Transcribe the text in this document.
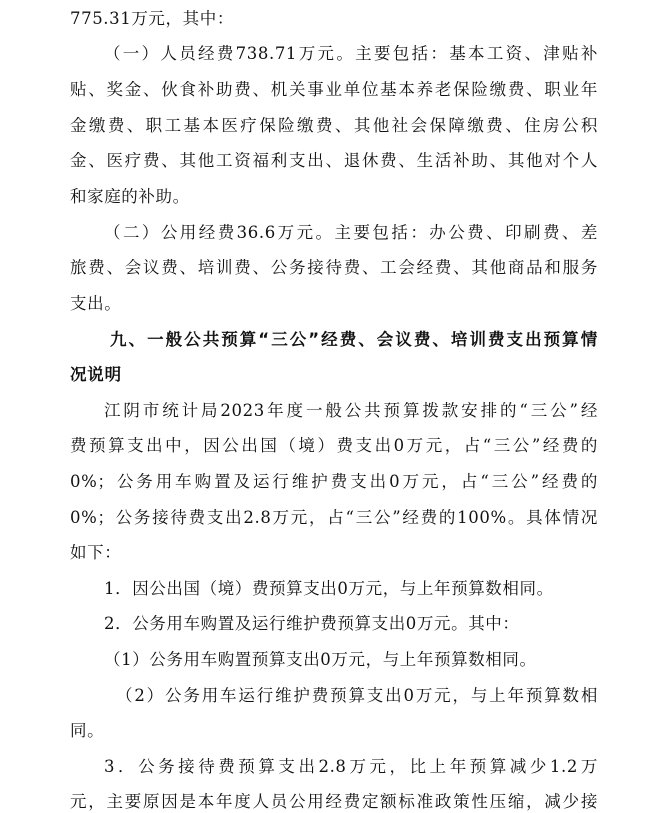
775.31万元，其中：
（一）人员经费738.71万元。主要包括：基本工资、津贴补
贴、奖金、伙食补助费、机关事业单位基本养老保险缴费、职业年
金缴费、职工基本医疗保险缴费、其他社会保障缴费、住房公积
金、医疗费、其他工资福利支出、退休费、生活补助、其他对个人
和家庭的补助。
（二）公用经费36.6万元。主要包括：办公费、印刷费、差
旅费、会议费、培训费、公务接待费、工会经费、其他商品和服务
支出。
九、一般公共预算“三公”经费、会议费、培训费支出预算情
况说明
江阴市统计局2023年度一般公共预算拨款安排的“三公”经
费预算支出中，因公出国（境）费支出0万元，占“三公”经费的
0%；公务用车购置及运行维护费支出0万元，占“三公”经费的
0%；公务接待费支出2.8万元，占“三公”经费的100%。具体情况
如下：
1．因公出国（境）费预算支出0万元，与上年预算数相同。
2．公务用车购置及运行维护费预算支出0万元。其中：
（1）公务用车购置预算支出0万元，与上年预算数相同。
（2）公务用车运行维护费预算支出0万元，与上年预算数相
同。
3．公务接待费预算支出2.8万元，比上年预算减少1.2万
元，主要原因是本年度人员公用经费定额标准政策性压缩，减少接
